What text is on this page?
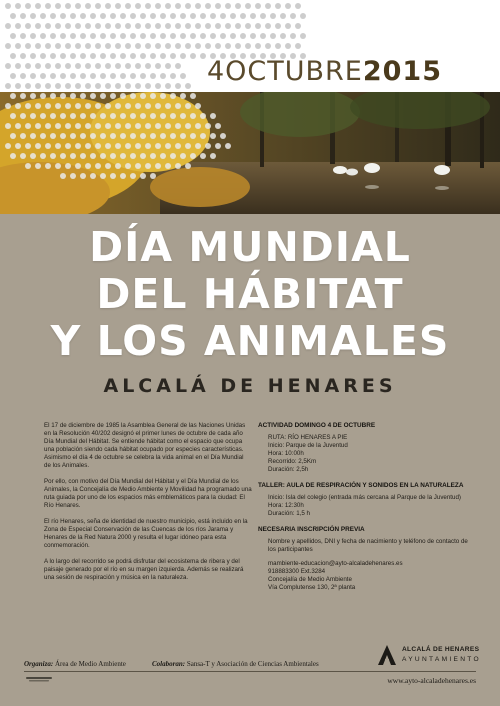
4OCTUBRE2015
DÍA MUNDIAL
DEL HÁBITAT
Y LOS ANIMALES
ALCALÁ DE HENARES

El 17 de diciembre de 1985 la Asamblea General de las Naciones Unidas en la Resolución 40/202 designó el primer lunes de octubre de cada año Día Mundial del Hábitat. Se entiende hábitat como el espacio que ocupa una población siendo cada hábitat ocupado por especies características. Asimismo el día 4 de octubre se celebra la vida animal en el Día Mundial de los Animales.

Por ello, con motivo del Día Mundial del Hábitat y el Día Mundial de los Animales, la Concejalía de Medio Ambiente y Movilidad ha programado una ruta guiada por uno de los espacios más emblemáticos para la ciudad: El Río Henares.

El río Henares, seña de identidad de nuestro municipio, está incluido en la Zona de Especial Conservación de las Cuencas de los ríos Jarama y Henares de la Red Natura 2000 y resulta el lugar idóneo para esta conmemoración.

A lo largo del recorrido se podrá disfrutar del ecosistema de ribera y del paisaje generado por el río en su margen izquierda. Además se realizará una sesión de respiración y música en la naturaleza.

ACTIVIDAD DOMINGO 4 DE OCTUBRE
RUTA: RÍO HENARES A PIE
Inicio: Parque de la Juventud
Hora: 10:00h
Recorrido: 2,5Km
Duración: 2,5h
TALLER: AULA DE RESPIRACIÓN Y SONIDOS EN LA NATURALEZA
Inicio: Isla del colegio (entrada más cercana al Parque de la Juventud)
Hora: 12:30h
Duración: 1,5 h
NECESARIA INSCRIPCIÓN PREVIA
Nombre y apellidos, DNI y fecha de nacimiento y teléfono de contacto de los participantes
mambiente-educacion@ayto-alcaladehenares.es
918883300 Ext.3284
Concejalía de Medio Ambiente
Vía Complutense 130, 2ª planta
ALCALÁ DE HENARES
AYUNTAMIENTO
Organiza: Área de Medio Ambiente	Colaboran: Sansa-T y Asociación de Ciencias Ambientales
www.ayto-alcaladehenares.es
